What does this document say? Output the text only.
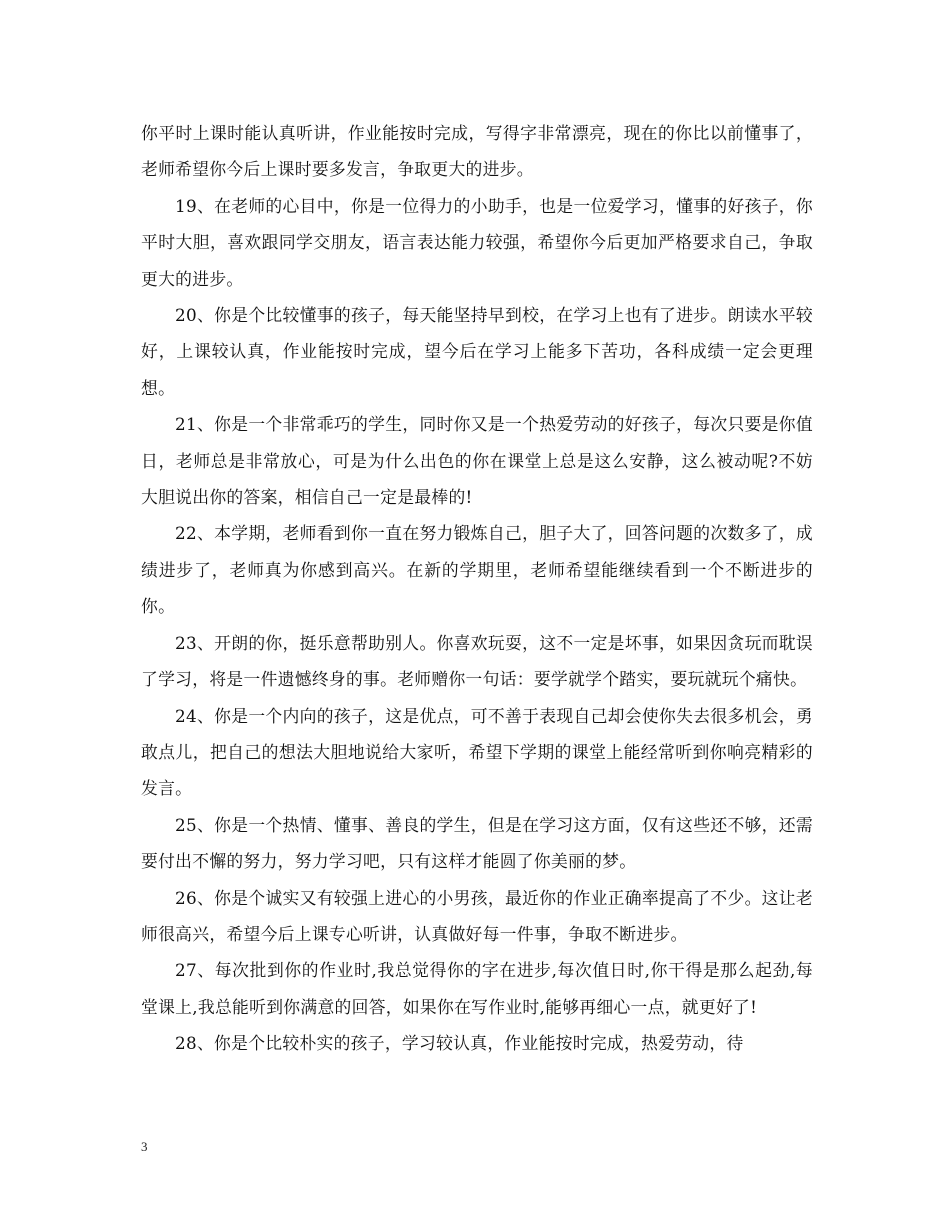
你平时上课时能认真听讲，作业能按时完成，写得字非常漂亮，现在的你比以前懂事了，老师希望你今后上课时要多发言，争取更大的进步。

19、在老师的心目中，你是一位得力的小助手，也是一位爱学习，懂事的好孩子，你平时大胆，喜欢跟同学交朋友，语言表达能力较强，希望你今后更加严格要求自己，争取更大的进步。

20、你是个比较懂事的孩子，每天能坚持早到校，在学习上也有了进步。朗读水平较好，上课较认真，作业能按时完成，望今后在学习上能多下苦功，各科成绩一定会更理想。

21、你是一个非常乖巧的学生，同时你又是一个热爱劳动的好孩子，每次只要是你值日，老师总是非常放心，可是为什么出色的你在课堂上总是这么安静，这么被动呢?不妨大胆说出你的答案，相信自己一定是最棒的!

22、本学期，老师看到你一直在努力锻炼自己，胆子大了，回答问题的次数多了，成绩进步了，老师真为你感到高兴。在新的学期里，老师希望能继续看到一个不断进步的你。

23、开朗的你，挺乐意帮助别人。你喜欢玩耍，这不一定是坏事，如果因贪玩而耽误了学习，将是一件遗憾终身的事。老师赠你一句话：要学就学个踏实，要玩就玩个痛快。

24、你是一个内向的孩子，这是优点，可不善于表现自己却会使你失去很多机会，勇敢点儿，把自己的想法大胆地说给大家听，希望下学期的课堂上能经常听到你响亮精彩的发言。

25、你是一个热情、懂事、善良的学生，但是在学习这方面，仅有这些还不够，还需要付出不懈的努力，努力学习吧，只有这样才能圆了你美丽的梦。

26、你是个诚实又有较强上进心的小男孩，最近你的作业正确率提高了不少。这让老师很高兴，希望今后上课专心听讲，认真做好每一件事，争取不断进步。

27、每次批到你的作业时,我总觉得你的字在进步,每次值日时,你干得是那么起劲,每堂课上,我总能听到你满意的回答，如果你在写作业时,能够再细心一点，就更好了!

28、你是个比较朴实的孩子，学习较认真，作业能按时完成，热爱劳动，待

3
